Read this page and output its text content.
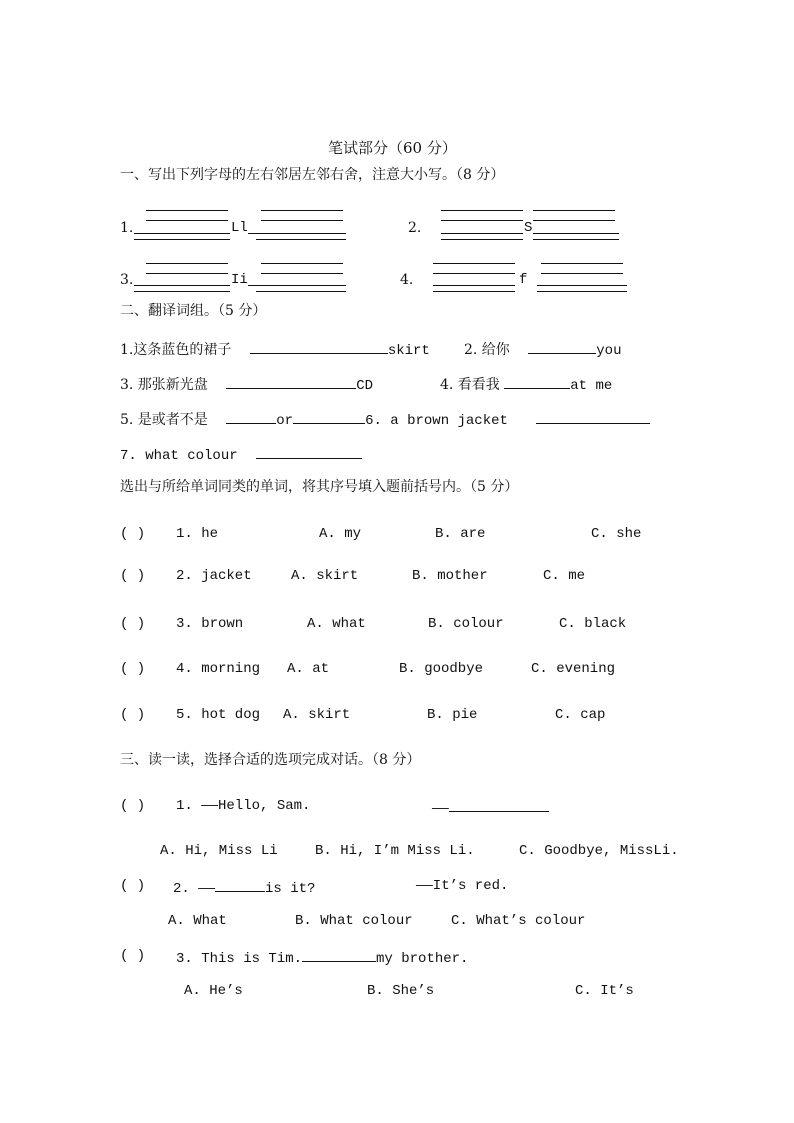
笔试部分（60 分）
一、写出下列字母的左右邻居左邻右舍，注意大小写。（8 分）
1.	Ll	2.	S
3.	Ii	4.	f
二、翻译词组。（5 分）
1.这条蓝色的裙子	skirt 2. 给你	you
3. 那张新光盘	CD	4. 看看我	at me
5. 是或者不是	or	6. a brown jacket
7. what colour
选出与所给单词同类的单词，将其序号填入题前括号内。（5 分）
( ) 1. he	A. my	B. are	C. she
( ) 2. jacket	A. skirt	B. mother	C. me
( ) 3. brown	A. what	B. colour	C. black
( ) 4. morning A. at	B. goodbye	C. evening
( ) 5. hot dog A. skirt	B. pie	C. cap
三、读一读，选择合适的选项完成对话。（8 分）
( ) 1. ——Hello, Sam.	——
A. Hi, Miss Li	B. Hi, I’m Miss Li.	C. Goodbye, MissLi.
( ) 2. ——	is it?	——It’s red.
A. What	B. What colour	C. What’s colour
( ) 3. This is Tim.	my brother.
A. He’s	B. She’s	C. It’s
